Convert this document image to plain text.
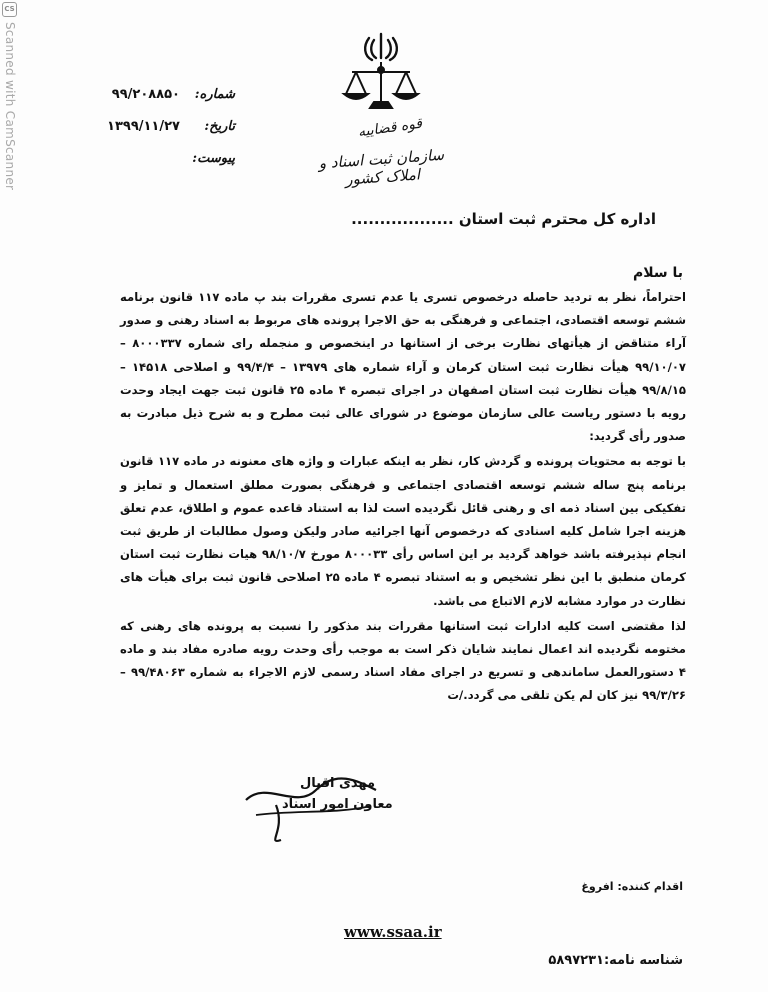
CS
Scanned with CamScanner	قوه قضاییه
سازمان ثبت اسناد و املاک کشور
شماره:
۹۹/۲۰۸۸۵۰
تاریخ:
۱۳۹۹/۱۱/۲۷
پیوست:
اداره کل محترم ثبت استان ..................
با سلام

احتراماً، نظر به تردید حاصله درخصوص تسری یا عدم تسری مقررات بند پ ماده ۱۱۷ قانون برنامه ششم توسعه اقتصادی، اجتماعی و فرهنگی به حق الاجرا پرونده های مربوط به اسناد رهنی و صدور آراء متناقض از هیأتهای نظارت برخی از استانها در اینخصوص و منجمله رای شماره ۸۰۰۰۳۳۷ – ۹۹/۱۰/۰۷ هیأت نظارت ثبت استان کرمان و آراء شماره های ۱۳۹۷۹ – ۹۹/۴/۴ و اصلاحی ۱۴۵۱۸ – ۹۹/۸/۱۵ هیأت نظارت ثبت استان اصفهان در اجرای تبصره ۴ ماده ۲۵ قانون ثبت جهت ایجاد وحدت رویه با دستور ریاست عالی سازمان موضوع در شورای عالی ثبت مطرح و به شرح ذیل مبادرت به صدور رأی گردید:

با توجه به محتویات پرونده و گردش کار، نظر به اینکه عبارات و واژه های معنونه در ماده ۱۱۷ قانون برنامه پنج ساله ششم توسعه اقتصادی اجتماعی و فرهنگی بصورت مطلق استعمال و تمایز و تفکیکی بین اسناد ذمه ای و رهنی قائل نگردیده است لذا به استناد قاعده عموم و اطلاق، عدم تعلق هزینه اجرا شامل کلیه اسنادی که درخصوص آنها اجرائیه صادر ولیکن وصول مطالبات از طریق ثبت انجام نپذیرفته باشد خواهد گردید بر این اساس رأی ۸۰۰۰۳۳ مورخ ۹۸/۱۰/۷ هیات نظارت ثبت استان کرمان منطبق با این نظر تشخیص و به استناد تبصره ۴ ماده ۲۵ اصلاحی قانون ثبت برای هیأت های نظارت در موارد مشابه لازم الاتباع می باشد.

لذا مقتضی است کلیه ادارات ثبت استانها مقررات بند مذکور را نسبت به پرونده های رهنی که مختومه نگردیده اند اعمال نمایند شایان ذکر است به موجب رأی وحدت رویه صادره مفاد بند و ماده ۴ دستورالعمل ساماندهی و تسریع در اجرای مفاد اسناد رسمی لازم الاجراء به شماره ۹۹/۴۸۰۶۳ – ۹۹/۳/۲۶ نیز کان لم یکن تلقی می گردد./ت

مهدی اقبال
معاون امور اسناد
اقدام کننده: افروغ
www.ssaa.ir
شناسه نامه:۵۸۹۷۲۳۱
